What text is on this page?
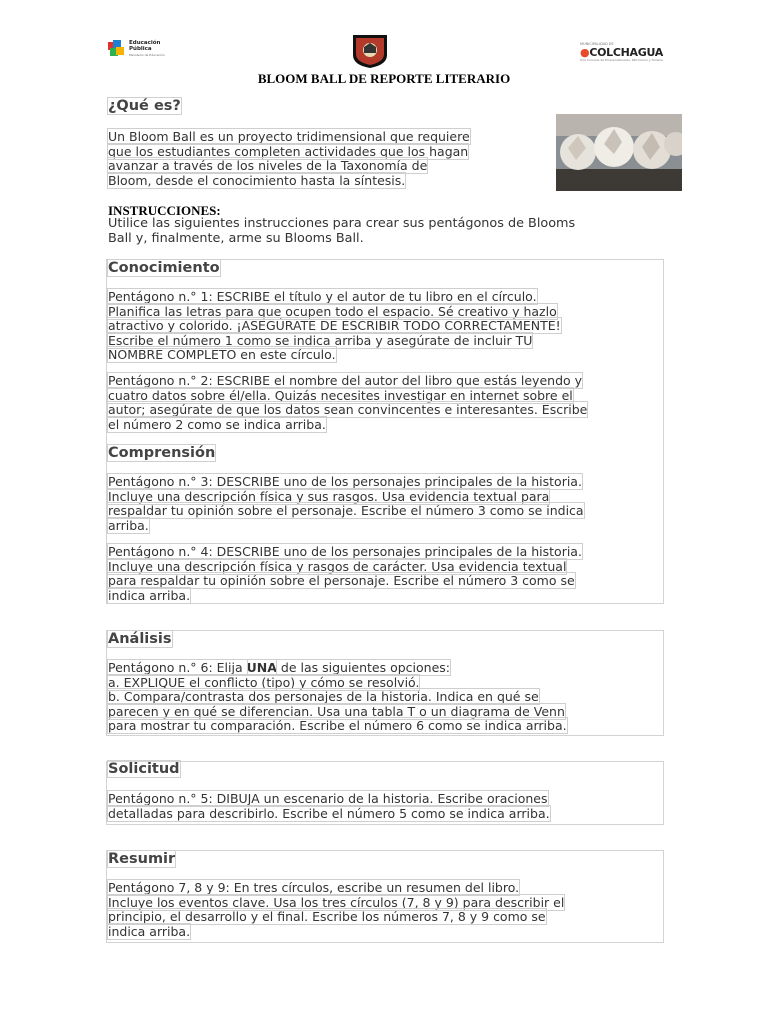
Educación
Pública
Ministerio de Educación
MUNICIPALIDAD DE
●COLCHAGUA
Una Comuna de Emprendimiento, Patrimonio y Turismo
BLOOM BALL DE REPORTE LITERARIO
¿Qué es?
Un Bloom Ball es un proyecto tridimensional que requiere
que los estudiantes completen actividades que los hagan
avanzar a través de los niveles de la Taxonomía de
Bloom, desde el conocimiento hasta la síntesis.
INSTRUCCIONES:
Utilice las siguientes instrucciones para crear sus pentágonos de Blooms
Ball y, finalmente, arme su Blooms Ball.
Conocimiento
Pentágono n.° 1: ESCRIBE el título y el autor de tu libro en el círculo.
Planifica las letras para que ocupen todo el espacio. Sé creativo y hazlo
atractivo y colorido. ¡ASEGÚRATE DE ESCRIBIR TODO CORRECTAMENTE!
Escribe el número 1 como se indica arriba y asegúrate de incluir TU
NOMBRE COMPLETO en este círculo.
Pentágono n.° 2: ESCRIBE el nombre del autor del libro que estás leyendo y
cuatro datos sobre él/ella. Quizás necesites investigar en internet sobre el
autor; asegúrate de que los datos sean convincentes e interesantes. Escribe
el número 2 como se indica arriba.
Comprensión
Pentágono n.° 3: DESCRIBE uno de los personajes principales de la historia.
Incluye una descripción física y sus rasgos. Usa evidencia textual para
respaldar tu opinión sobre el personaje. Escribe el número 3 como se indica
arriba.
Pentágono n.° 4: DESCRIBE uno de los personajes principales de la historia.
Incluye una descripción física y rasgos de carácter. Usa evidencia textual
para respaldar tu opinión sobre el personaje. Escribe el número 3 como se
indica arriba.
Análisis
Pentágono n.° 6: Elija UNA de las siguientes opciones:
a. EXPLIQUE el conflicto (tipo) y cómo se resolvió.
b. Compara/contrasta dos personajes de la historia. Indica en qué se
parecen y en qué se diferencian. Usa una tabla T o un diagrama de Venn
para mostrar tu comparación. Escribe el número 6 como se indica arriba.
Solicitud
Pentágono n.° 5: DIBUJA un escenario de la historia. Escribe oraciones
detalladas para describirlo. Escribe el número 5 como se indica arriba.
Resumir
Pentágono 7, 8 y 9: En tres círculos, escribe un resumen del libro.
Incluye los eventos clave. Usa los tres círculos (7, 8 y 9) para describir el
principio, el desarrollo y el final. Escribe los números 7, 8 y 9 como se
indica arriba.
